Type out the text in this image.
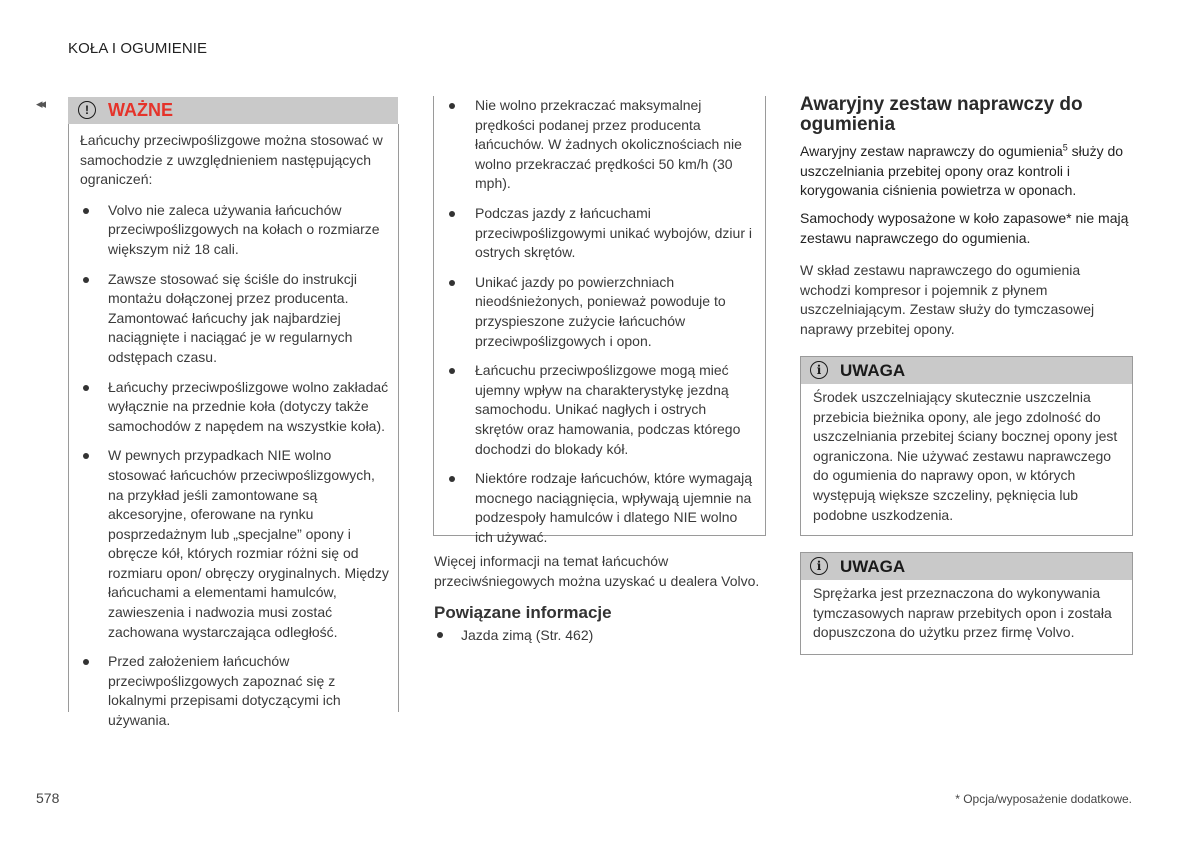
KOŁA I OGUMIENIE
◂◂	!	WAŻNE

Łańcuchy przeciwpoślizgowe można stosować w samochodzie z uwzględnieniem następujących ograniczeń:

Volvo nie zaleca używania łańcuchów przeciwpoślizgowych na kołach o rozmiarze większym niż 18 cali.
Zawsze stosować się ściśle do instrukcji montażu dołączonej przez producenta. Zamontować łańcuchy jak najbardziej naciągnięte i naciągać je w regularnych odstępach czasu.
Łańcuchy przeciwpoślizgowe wolno zakładać wyłącznie na przednie koła (dotyczy także samochodów z napędem na wszystkie koła).
W pewnych przypadkach NIE wolno stosować łańcuchów przeciwpoślizgowych, na przykład jeśli zamontowane są akcesoryjne, oferowane na rynku posprzedażnym lub „specjalne” opony i obręcze kół, których rozmiar różni się od rozmiaru opon/ obręczy oryginalnych. Między łańcuchami a elementami hamulców, zawieszenia i nadwozia musi zostać zachowana wystarczająca odległość.
Przed założeniem łańcuchów przeciwpoślizgowych zapoznać się z lokalnymi przepisami dotyczącymi ich używania.
Nie wolno przekraczać maksymalnej prędkości podanej przez producenta łańcuchów. W żadnych okolicznościach nie wolno przekraczać prędkości 50 km/h (30 mph).
Podczas jazdy z łańcuchami przeciwpoślizgowymi unikać wybojów, dziur i ostrych skrętów.
Unikać jazdy po powierzchniach nieodśnieżonych, ponieważ powoduje to przyspieszone zużycie łańcuchów przeciwpoślizgowych i opon.
Łańcuchu przeciwpoślizgowe mogą mieć ujemny wpływ na charakterystykę jezdną samochodu. Unikać nagłych i ostrych skrętów oraz hamowania, podczas którego dochodzi do blokady kół.
Niektóre rodzaje łańcuchów, które wymagają mocnego naciągnięcia, wpływają ujemnie na podzespoły hamulców i dlatego NIE wolno ich używać.
Więcej informacji na temat łańcuchów przeciwśniegowych można uzyskać u dealera Volvo.
Powiązane informacje
Jazda zimą (Str. 462)
Awaryjny zestaw naprawczy do ogumienia
Awaryjny zestaw naprawczy do ogumienia$^5$ służy do uszczelniania przebitej opony oraz kontroli i korygowania ciśnienia powietrza w oponach.
Samochody wyposażone w koło zapasowe* nie mają zestawu naprawczego do ogumienia.
W skład zestawu naprawczego do ogumienia wchodzi kompresor i pojemnik z płynem uszczelniającym. Zestaw służy do tymczasowej naprawy przebitej opony.
i	UWAGA
Środek uszczelniający skutecznie uszczelnia przebicia bieżnika opony, ale jego zdolność do uszczelniania przebitej ściany bocznej opony jest ograniczona. Nie używać zestawu naprawczego do ogumienia do naprawy opon, w których występują większe szczeliny, pęknięcia lub podobne uszkodzenia.
i	UWAGA
Sprężarka jest przeznaczona do wykonywania tymczasowych napraw przebitych opon i została dopuszczona do użytku przez firmę Volvo.
578	* Opcja/wyposażenie dodatkowe.
